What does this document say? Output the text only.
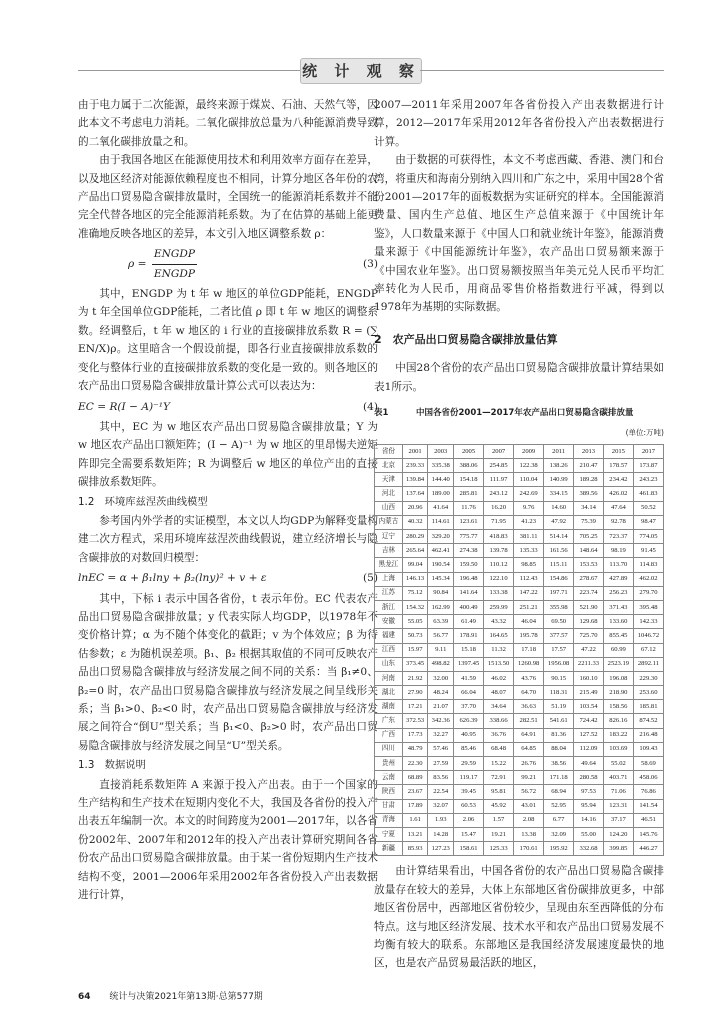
统 计 观 察

由于电力属于二次能源，最终来源于煤炭、石油、天然气等，因此本文不考虑电力消耗。二氧化碳排放总量为八种能源消费导致的二氧化碳排放量之和。

由于我国各地区在能源使用技术和利用效率方面存在差异，以及地区经济对能源依赖程度也不相同，计算分地区各年份的农产品出口贸易隐含碳排放量时，全国统一的能源消耗系数并不能完全代替各地区的完全能源消耗系数。为了在估算的基础上能更准确地反映各地区的差异，本文引入地区调整系数 ρ：

$\rho = \frac{\text{ENGDP}}{\text{ENGDP}}$	(3)

其中，ENGDP 为 t 年 w 地区的单位GDP能耗，ENGDP 为 t 年全国单位GDP能耗，二者比值 ρ 即 t 年 w 地区的调整系数。经调整后，t 年 w 地区的 i 行业的直接碳排放系数 R = (∑ EN/X)ρ。这里暗含一个假设前提，即各行业直接碳排放系数的变化与整体行业的直接碳排放系数的变化是一致的。则各地区的农产品出口贸易隐含碳排放量计算公式可以表达为：

EC = R(I − A)⁻¹Y	(4)

其中，EC 为 w 地区农产品出口贸易隐含碳排放量；Y 为 w 地区农产品出口额矩阵；(I − A)⁻¹ 为 w 地区的里昂惕夫逆矩阵即完全需要系数矩阵；R 为调整后 w 地区的单位产出的直接碳排放系数矩阵。

1.2　环境库兹涅茨曲线模型

参考国内外学者的实证模型，本文以人均GDP为解释变量构建二次方程式，采用环境库兹涅茨曲线假说，建立经济增长与隐含碳排放的对数回归模型：

lnEC = α + β₁lny + β₂(lny)² + v + ε	(5)

其中，下标 i 表示中国各省份，t 表示年份。EC 代表农产品出口贸易隐含碳排放量；y 代表实际人均GDP，以1978年不变价格计算；α 为不随个体变化的截距；v 为个体效应；β 为待估参数；ε 为随机误差项。β₁、β₂ 根据其取值的不同可反映农产品出口贸易隐含碳排放与经济发展之间不同的关系：当 β₁≠0、β₂=0 时，农产品出口贸易隐含碳排放与经济发展之间呈线形关系；当 β₁>0、β₂<0 时，农产品出口贸易隐含碳排放与经济发展之间符合“倒U”型关系；当 β₁<0、β₂>0 时，农产品出口贸易隐含碳排放与经济发展之间呈“U”型关系。

1.3　数据说明

直接消耗系数矩阵 A 来源于投入产出表。由于一个国家的生产结构和生产技术在短期内变化不大，我国及各省份的投入产出表五年编制一次。本文的时间跨度为2001—2017年，以各省份2002年、2007年和2012年的投入产出表计算研究期间各省份农产品出口贸易隐含碳排放量。由于某一省份短期内生产技术结构不变，2001—2006年采用2002年各省份投入产出表数据进行计算，

2007—2011年采用2007年各省份投入产出表数据进行计算，2012—2017年采用2012年各省份投入产出表数据进行计算。

由于数据的可获得性，本文不考虑西藏、香港、澳门和台湾，将重庆和海南分别纳入四川和广东之中，采用中国28个省份2001—2017年的面板数据为实证研究的样本。全国能源消费量、国内生产总值、地区生产总值来源于《中国统计年鉴》，人口数量来源于《中国人口和就业统计年鉴》，能源消费量来源于《中国能源统计年鉴》，农产品出口贸易额来源于《中国农业年鉴》。出口贸易额按照当年美元兑人民币平均汇率转化为人民币，用商品零售价格指数进行平减，得到以1978年为基期的实际数据。

2　农产品出口贸易隐含碳排放量估算

中国28个省份的农产品出口贸易隐含碳排放量计算结果如表1所示。

表1	中国各省份2001—2017年农产品出口贸易隐含碳排放量
(单位:万吨)
省份	2001	2003	2005	2007	2009	2011	2013	2015	2017
北京	239.33	335.38	388.06	254.85	122.38	138.26	210.47	178.57	173.87
天津	139.84	144.40	154.18	111.97	110.04	140.99	189.28	234.42	243.23
河北	137.64	189.00	285.81	243.12	242.69	334.15	389.56	426.02	461.83
山西	20.96	41.64	11.76	16.20	9.76	14.60	34.14	47.64	50.52
内蒙古	40.32	114.61	123.61	71.95	41.23	47.92	75.39	92.78	98.47
辽宁	280.29	329.20	775.77	418.83	381.11	514.14	705.25	723.37	774.05
吉林	265.64	462.41	274.38	139.78	135.33	161.56	148.64	98.19	91.45
黑龙江	99.04	190.54	159.50	110.12	98.85	115.11	153.53	113.70	114.83
上海	146.13	145.34	196.48	122.10	112.43	154.86	278.67	427.89	462.02
江苏	75.12	90.84	141.64	133.38	147.22	197.71	223.74	256.23	279.70
浙江	154.32	162.99	400.49	259.99	251.21	355.98	521.90	371.43	395.48
安徽	55.05	63.39	61.49	43.32	46.04	69.50	129.68	133.60	142.33
福建	50.73	56.77	178.91	164.65	195.78	377.57	725.70	855.45	1046.72
江西	15.97	9.11	15.18	11.32	17.18	17.57	47.22	60.99	67.12
山东	373.45	498.82	1397.45	1513.50	1260.98	1956.08	2211.33	2523.19	2892.11
河南	21.92	32.00	41.59	46.02	43.76	90.15	160.10	196.08	229.30
湖北	27.90	48.24	66.04	48.07	64.70	118.31	215.49	218.90	253.60
湖南	17.21	21.07	37.70	34.64	36.63	51.19	103.54	158.56	185.81
广东	372.53	342.36	626.39	338.66	282.51	541.61	724.42	826.16	874.52
广西	17.73	32.27	40.95	36.76	64.91	81.36	127.52	183.22	216.48
四川	48.79	57.46	85.46	68.48	64.85	88.04	112.09	103.69	109.43
贵州	22.30	27.59	29.59	15.22	26.76	38.56	49.64	55.02	58.69
云南	68.89	83.56	119.17	72.91	99.21	171.18	280.58	403.71	458.06
陕西	23.67	22.54	39.45	95.81	56.72	68.94	97.53	71.06	76.86
甘肃	17.89	32.07	60.53	45.92	43.01	52.95	95.94	123.31	141.54
青海	1.61	1.93	2.06	1.57	2.08	6.77	14.16	37.17	46.51
宁夏	13.21	14.28	15.47	19.21	13.38	32.09	55.00	124.20	145.76
新疆	85.93	127.23	158.61	125.33	170.61	195.92	332.68	399.85	446.27

由计算结果看出，中国各省份的农产品出口贸易隐含碳排放量存在较大的差异，大体上东部地区省份碳排放更多，中部地区省份居中，西部地区省份较少，呈现由东至西降低的分布特点。这与地区经济发展、技术水平和农产品出口贸易发展不均衡有较大的联系。东部地区是我国经济发展速度最快的地区，也是农产品贸易最活跃的地区，

64 统计与决策2021年第13期·总第577期
